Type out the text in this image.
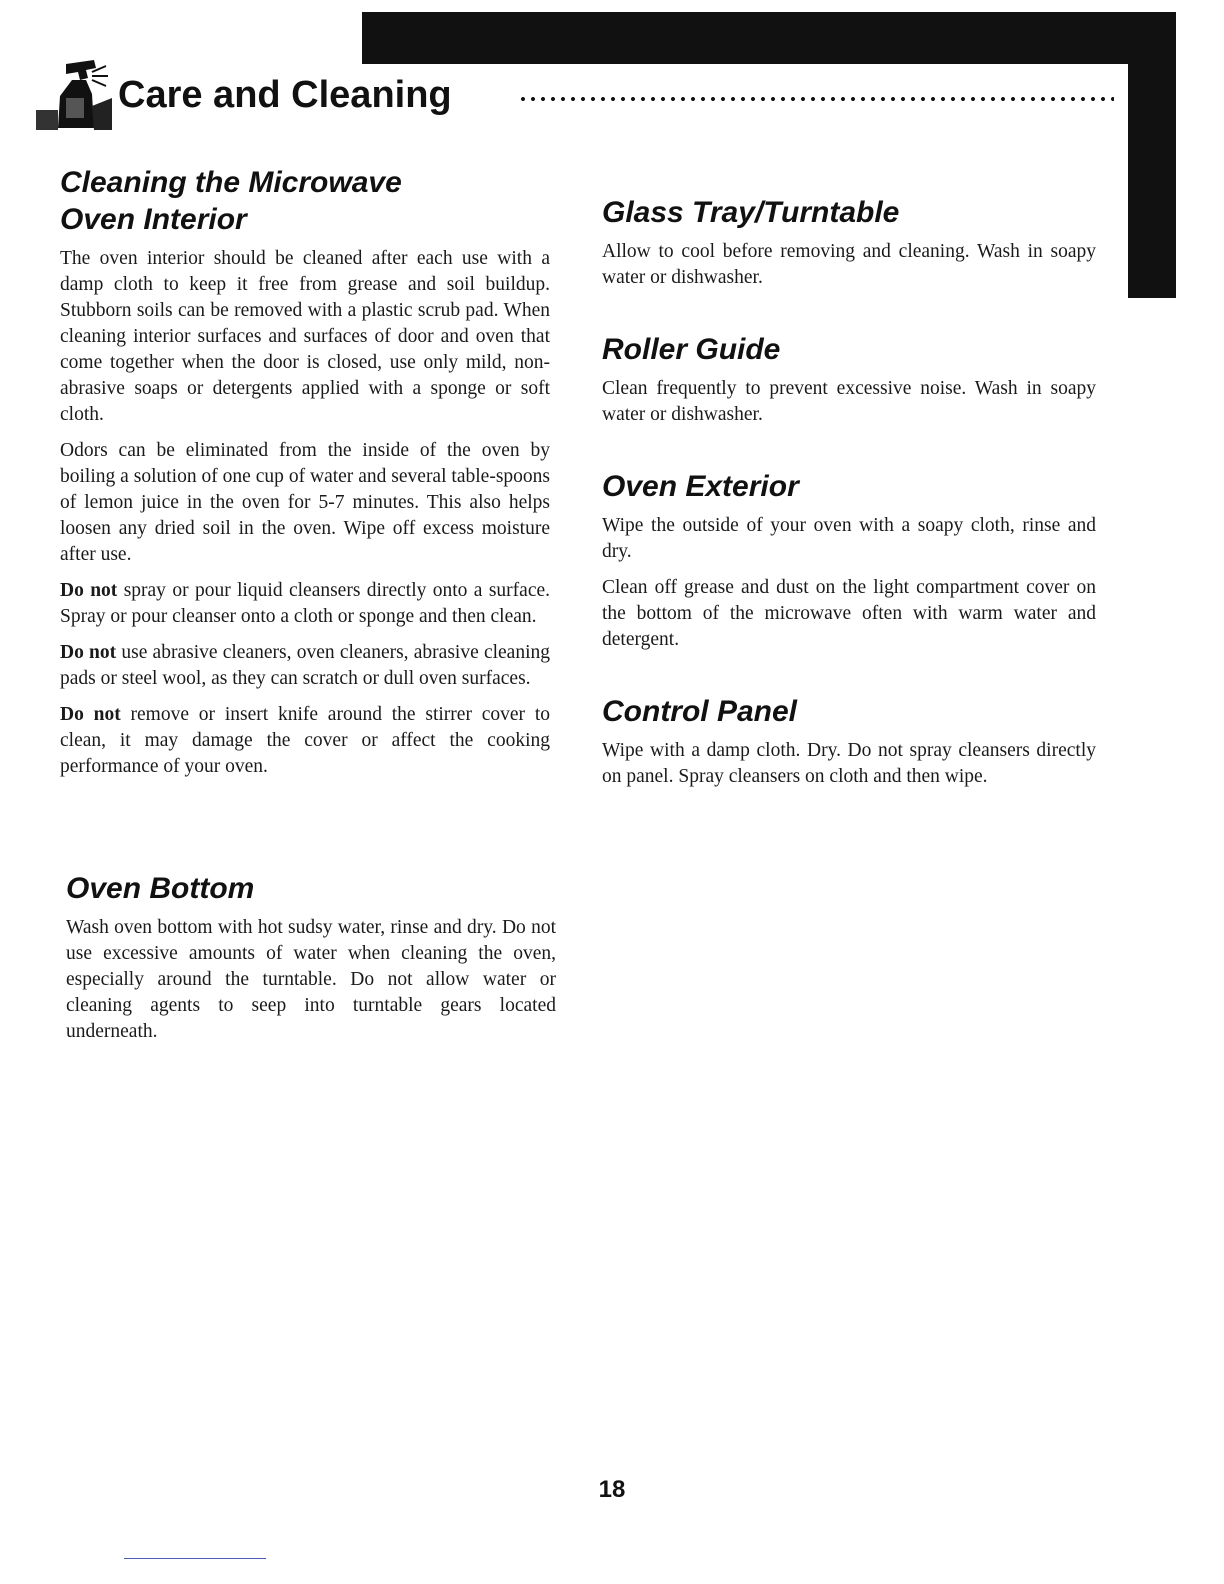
Care and Cleaning
Cleaning the Microwave
Oven Interior

The oven interior should be cleaned after each use with a damp cloth to keep it free from grease and soil buildup. Stubborn soils can be removed with a plastic scrub pad. When cleaning interior surfaces and surfaces of door and oven that come together when the door is closed, use only mild, non-abrasive soaps or detergents applied with a sponge or soft cloth.

Odors can be eliminated from the inside of the oven by boiling a solution of one cup of water and several table-spoons of lemon juice in the oven for 5-7 minutes. This also helps loosen any dried soil in the oven. Wipe off excess moisture after use.

Do not spray or pour liquid cleansers directly onto a surface. Spray or pour cleanser onto a cloth or sponge and then clean.

Do not use abrasive cleaners, oven cleaners, abrasive cleaning pads or steel wool, as they can scratch or dull oven surfaces.

Do not remove or insert knife around the stirrer cover to clean, it may damage the cover or affect the cooking performance of your oven.

Oven Bottom

Wash oven bottom with hot sudsy water, rinse and dry. Do not use excessive amounts of water when cleaning the oven, especially around the turntable. Do not allow water or cleaning agents to seep into turntable gears located underneath.

Glass Tray/Turntable

Allow to cool before removing and cleaning. Wash in soapy water or dishwasher.

Roller Guide

Clean frequently to prevent excessive noise. Wash in soapy water or dishwasher.

Oven Exterior

Wipe the outside of your oven with a soapy cloth, rinse and dry.

Clean off grease and dust on the light compartment cover on the bottom of the microwave often with warm water and detergent.

Control Panel

Wipe with a damp cloth. Dry. Do not spray cleansers directly on panel. Spray cleansers on cloth and then wipe.

18
